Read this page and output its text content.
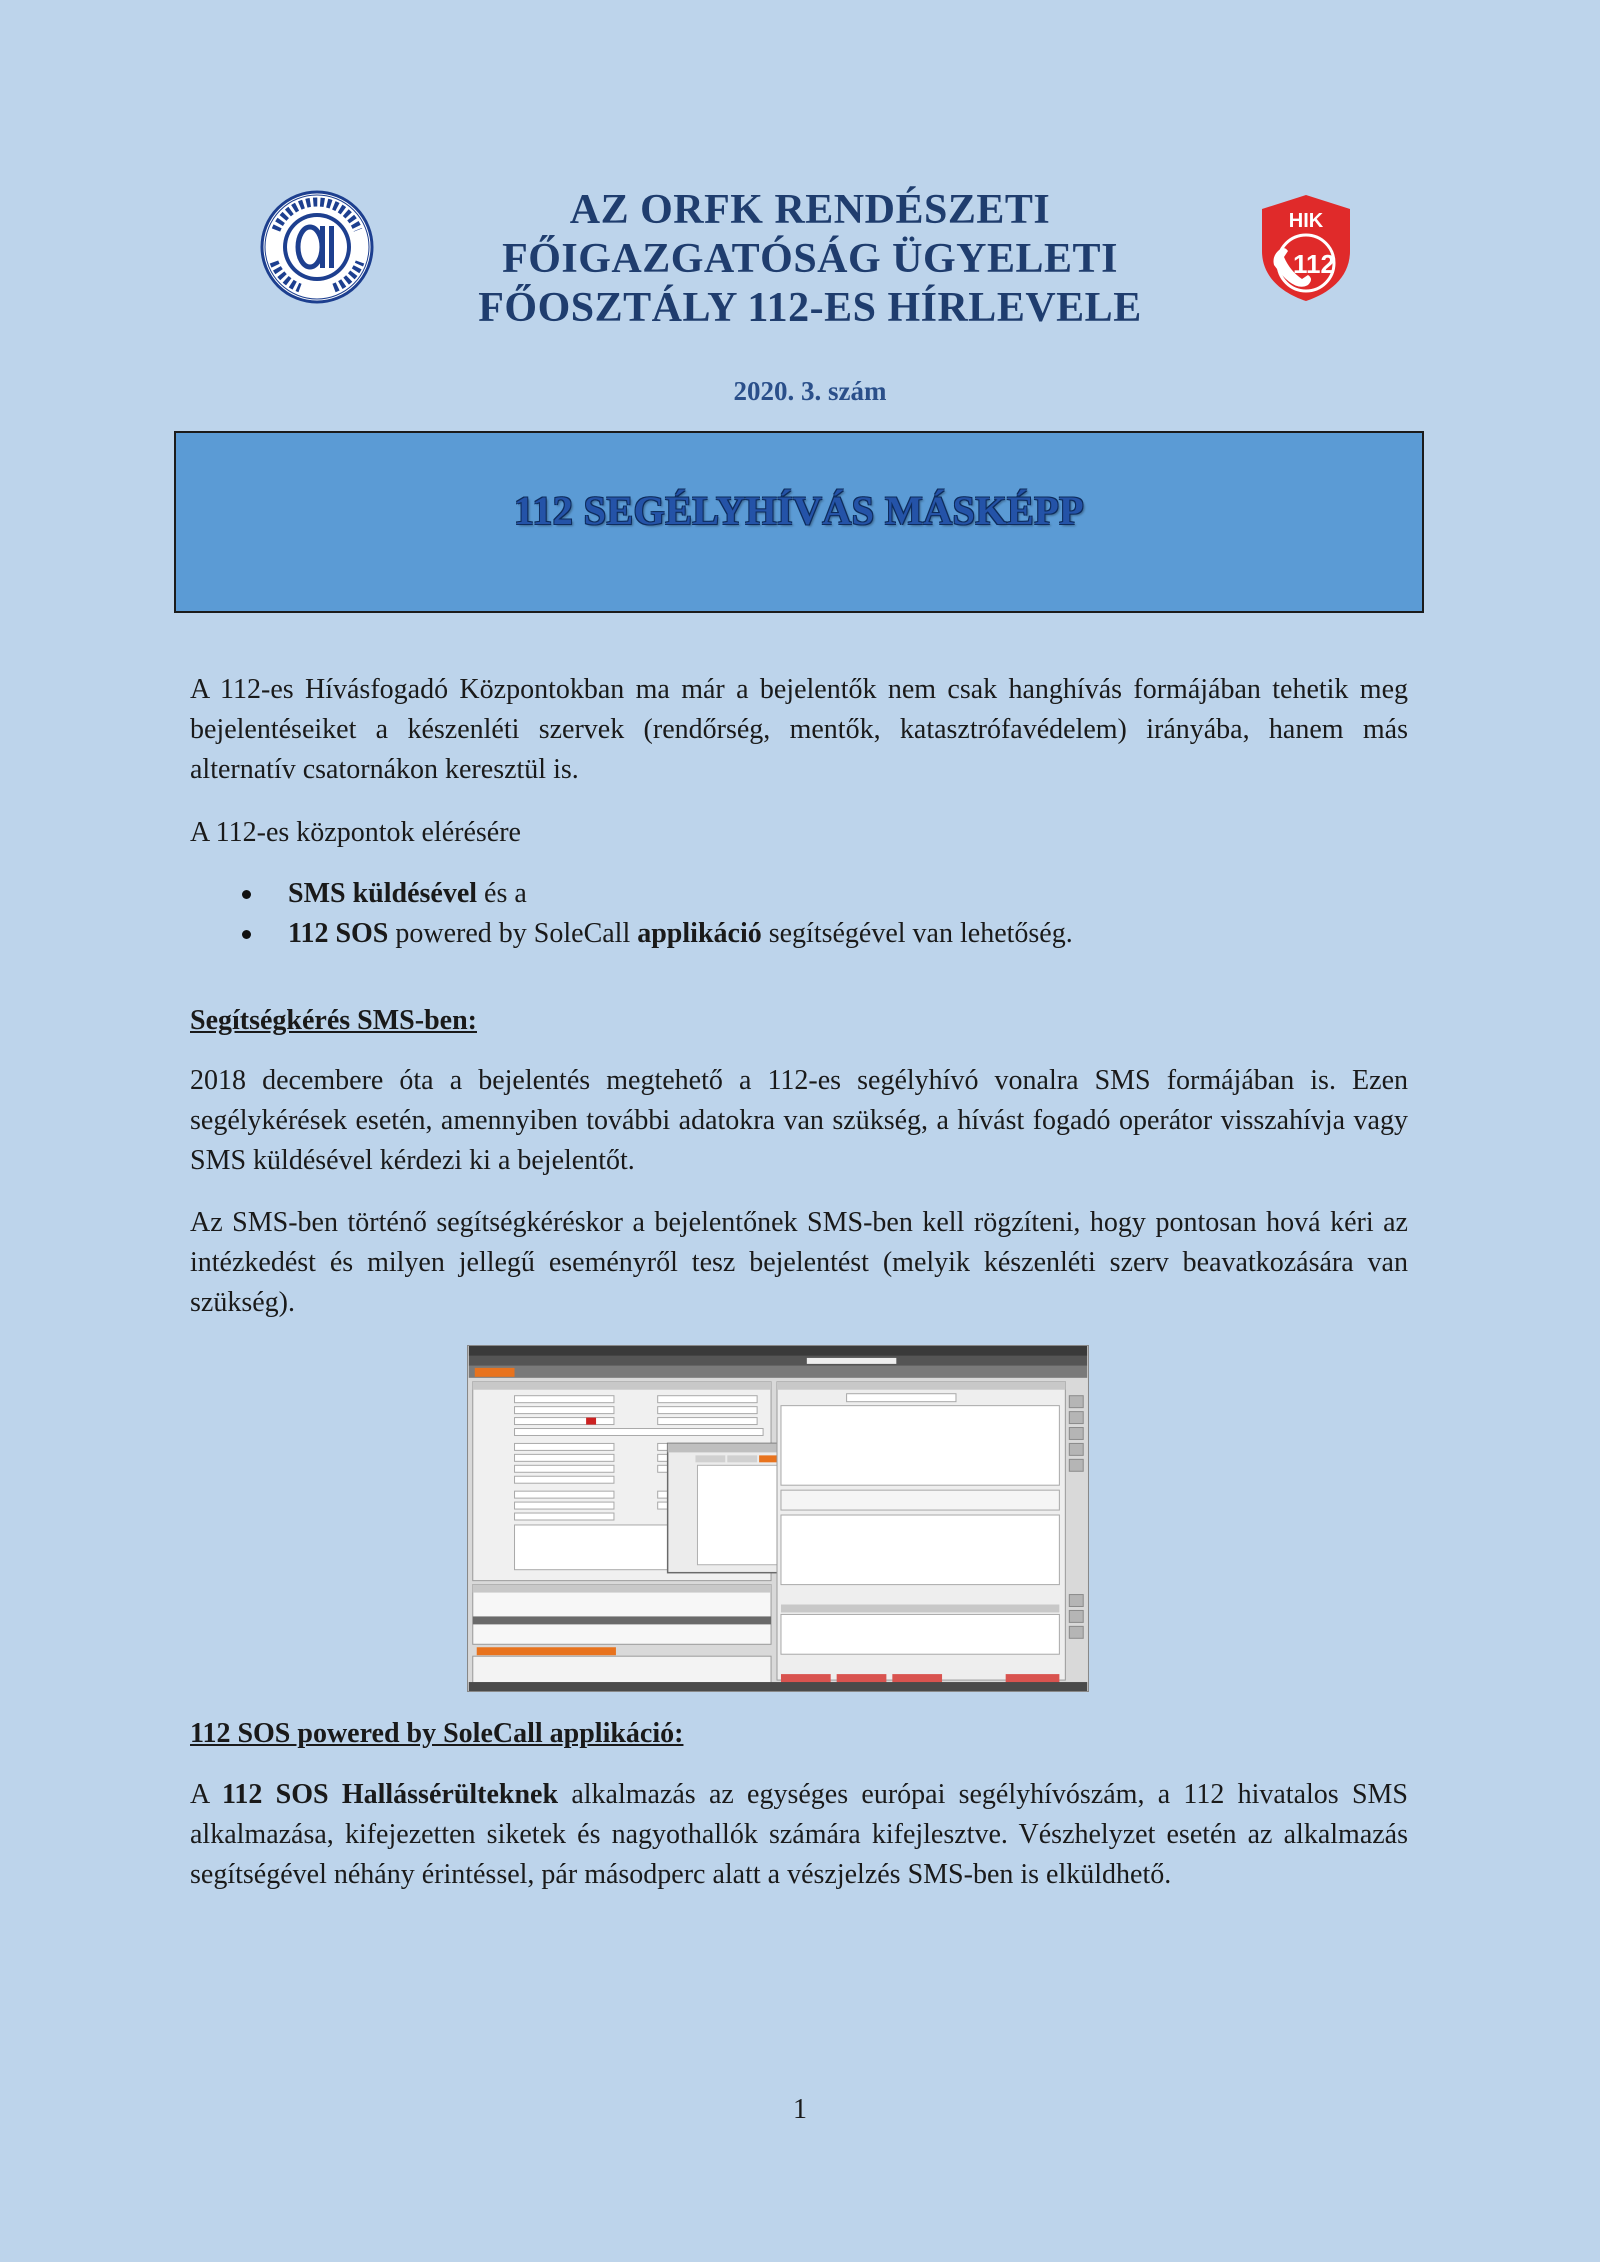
AZ ORFK RENDÉSZETI
FŐIGAZGATÓSÁG ÜGYELETI
FŐOSZTÁLY 112-ES HÍRLEVELE
HIK
112
2020. 3. szám
112 SEGÉLYHÍVÁS MÁSKÉPP

A 112-es Hívásfogadó Központokban ma már a bejelentők nem csak hanghívás formájában tehetik meg bejelentéseiket a készenléti szervek (rendőrség, mentők, katasztrófavédelem) irányába, hanem más alternatív csatornákon keresztül is.

A 112-es központok elérésére

SMS küldésével és a
112 SOS powered by SoleCall applikáció segítségével van lehetőség.

Segítségkérés SMS-ben:

2018 decembere óta a bejelentés megtehető a 112-es segélyhívó vonalra SMS formájában is. Ezen segélykérések esetén, amennyiben további adatokra van szükség, a hívást fogadó operátor visszahívja vagy SMS küldésével kérdezi ki a bejelentőt.

Az SMS-ben történő segítségkéréskor a bejelentőnek SMS-ben kell rögzíteni, hogy pontosan hová kéri az intézkedést és milyen jellegű eseményről tesz bejelentést (melyik készenléti szerv beavatkozására van szükség).

112 SOS powered by SoleCall applikáció:

A 112 SOS Hallássérülteknek alkalmazás az egységes európai segélyhívószám, a 112 hivatalos SMS alkalmazása, kifejezetten siketek és nagyothallók számára kifejlesztve. Vészhelyzet esetén az alkalmazás segítségével néhány érintéssel, pár másodperc alatt a vészjelzés SMS-ben is elküldhető.

1
